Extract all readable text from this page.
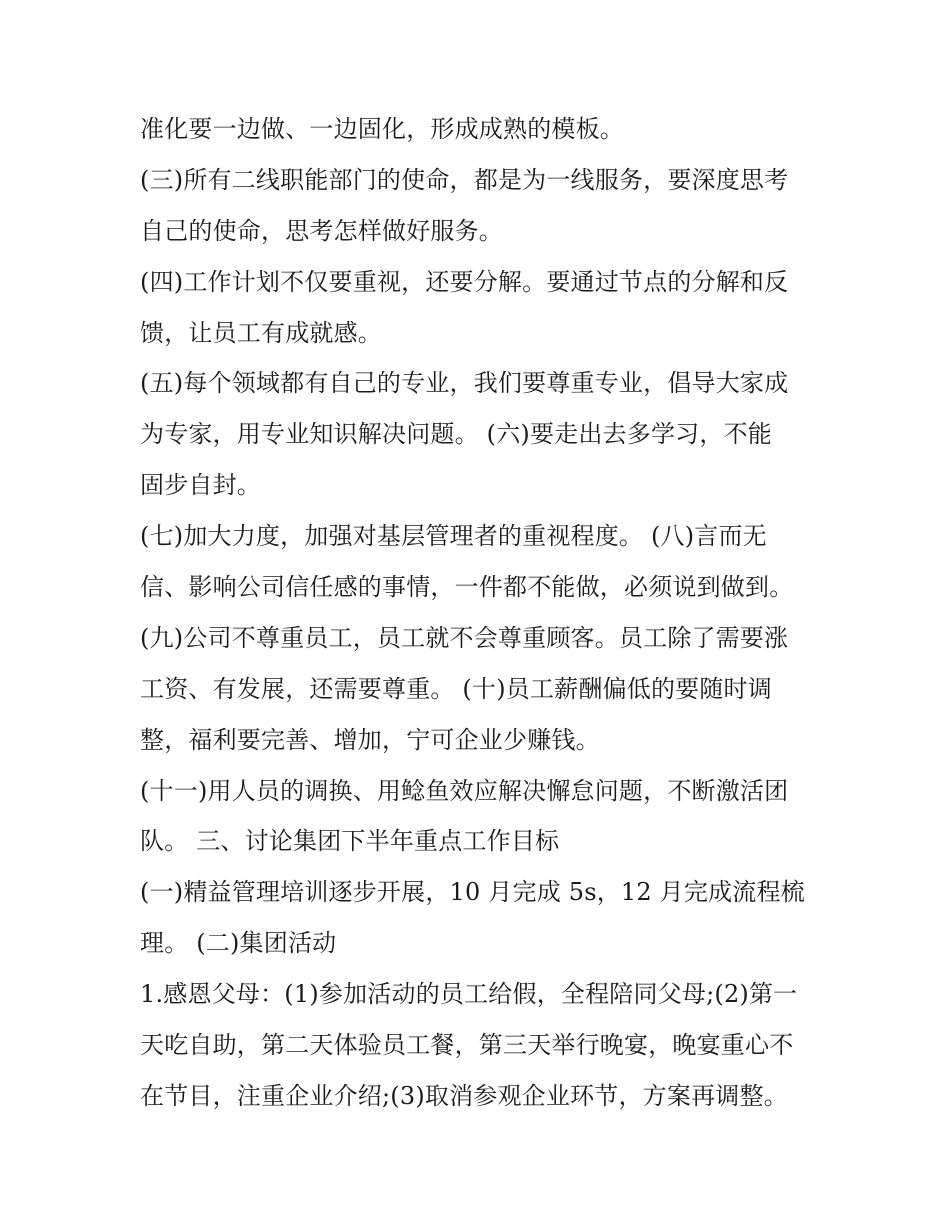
准化要一边做、一边固化，形成成熟的模板。
(三)所有二线职能部门的使命，都是为一线服务，要深度思考
自己的使命，思考怎样做好服务。
(四)工作计划不仅要重视，还要分解。要通过节点的分解和反
馈，让员工有成就感。
(五)每个领域都有自己的专业，我们要尊重专业，倡导大家成
为专家，用专业知识解决问题。 (六)要走出去多学习，不能
固步自封。
(七)加大力度，加强对基层管理者的重视程度。 (八)言而无
信、影响公司信任感的事情，一件都不能做，必须说到做到。
(九)公司不尊重员工，员工就不会尊重顾客。员工除了需要涨
工资、有发展，还需要尊重。 (十)员工薪酬偏低的要随时调
整，福利要完善、增加，宁可企业少赚钱。
(十一)用人员的调换、用鲶鱼效应解决懈怠问题，不断激活团
队。 三、讨论集团下半年重点工作目标
(一)精益管理培训逐步开展，10 月完成 5s，12 月完成流程梳
理。 (二)集团活动
1.感恩父母：(1)参加活动的员工给假，全程陪同父母;(2)第一
天吃自助，第二天体验员工餐，第三天举行晚宴，晚宴重心不
在节目，注重企业介绍;(3)取消参观企业环节，方案再调整。
